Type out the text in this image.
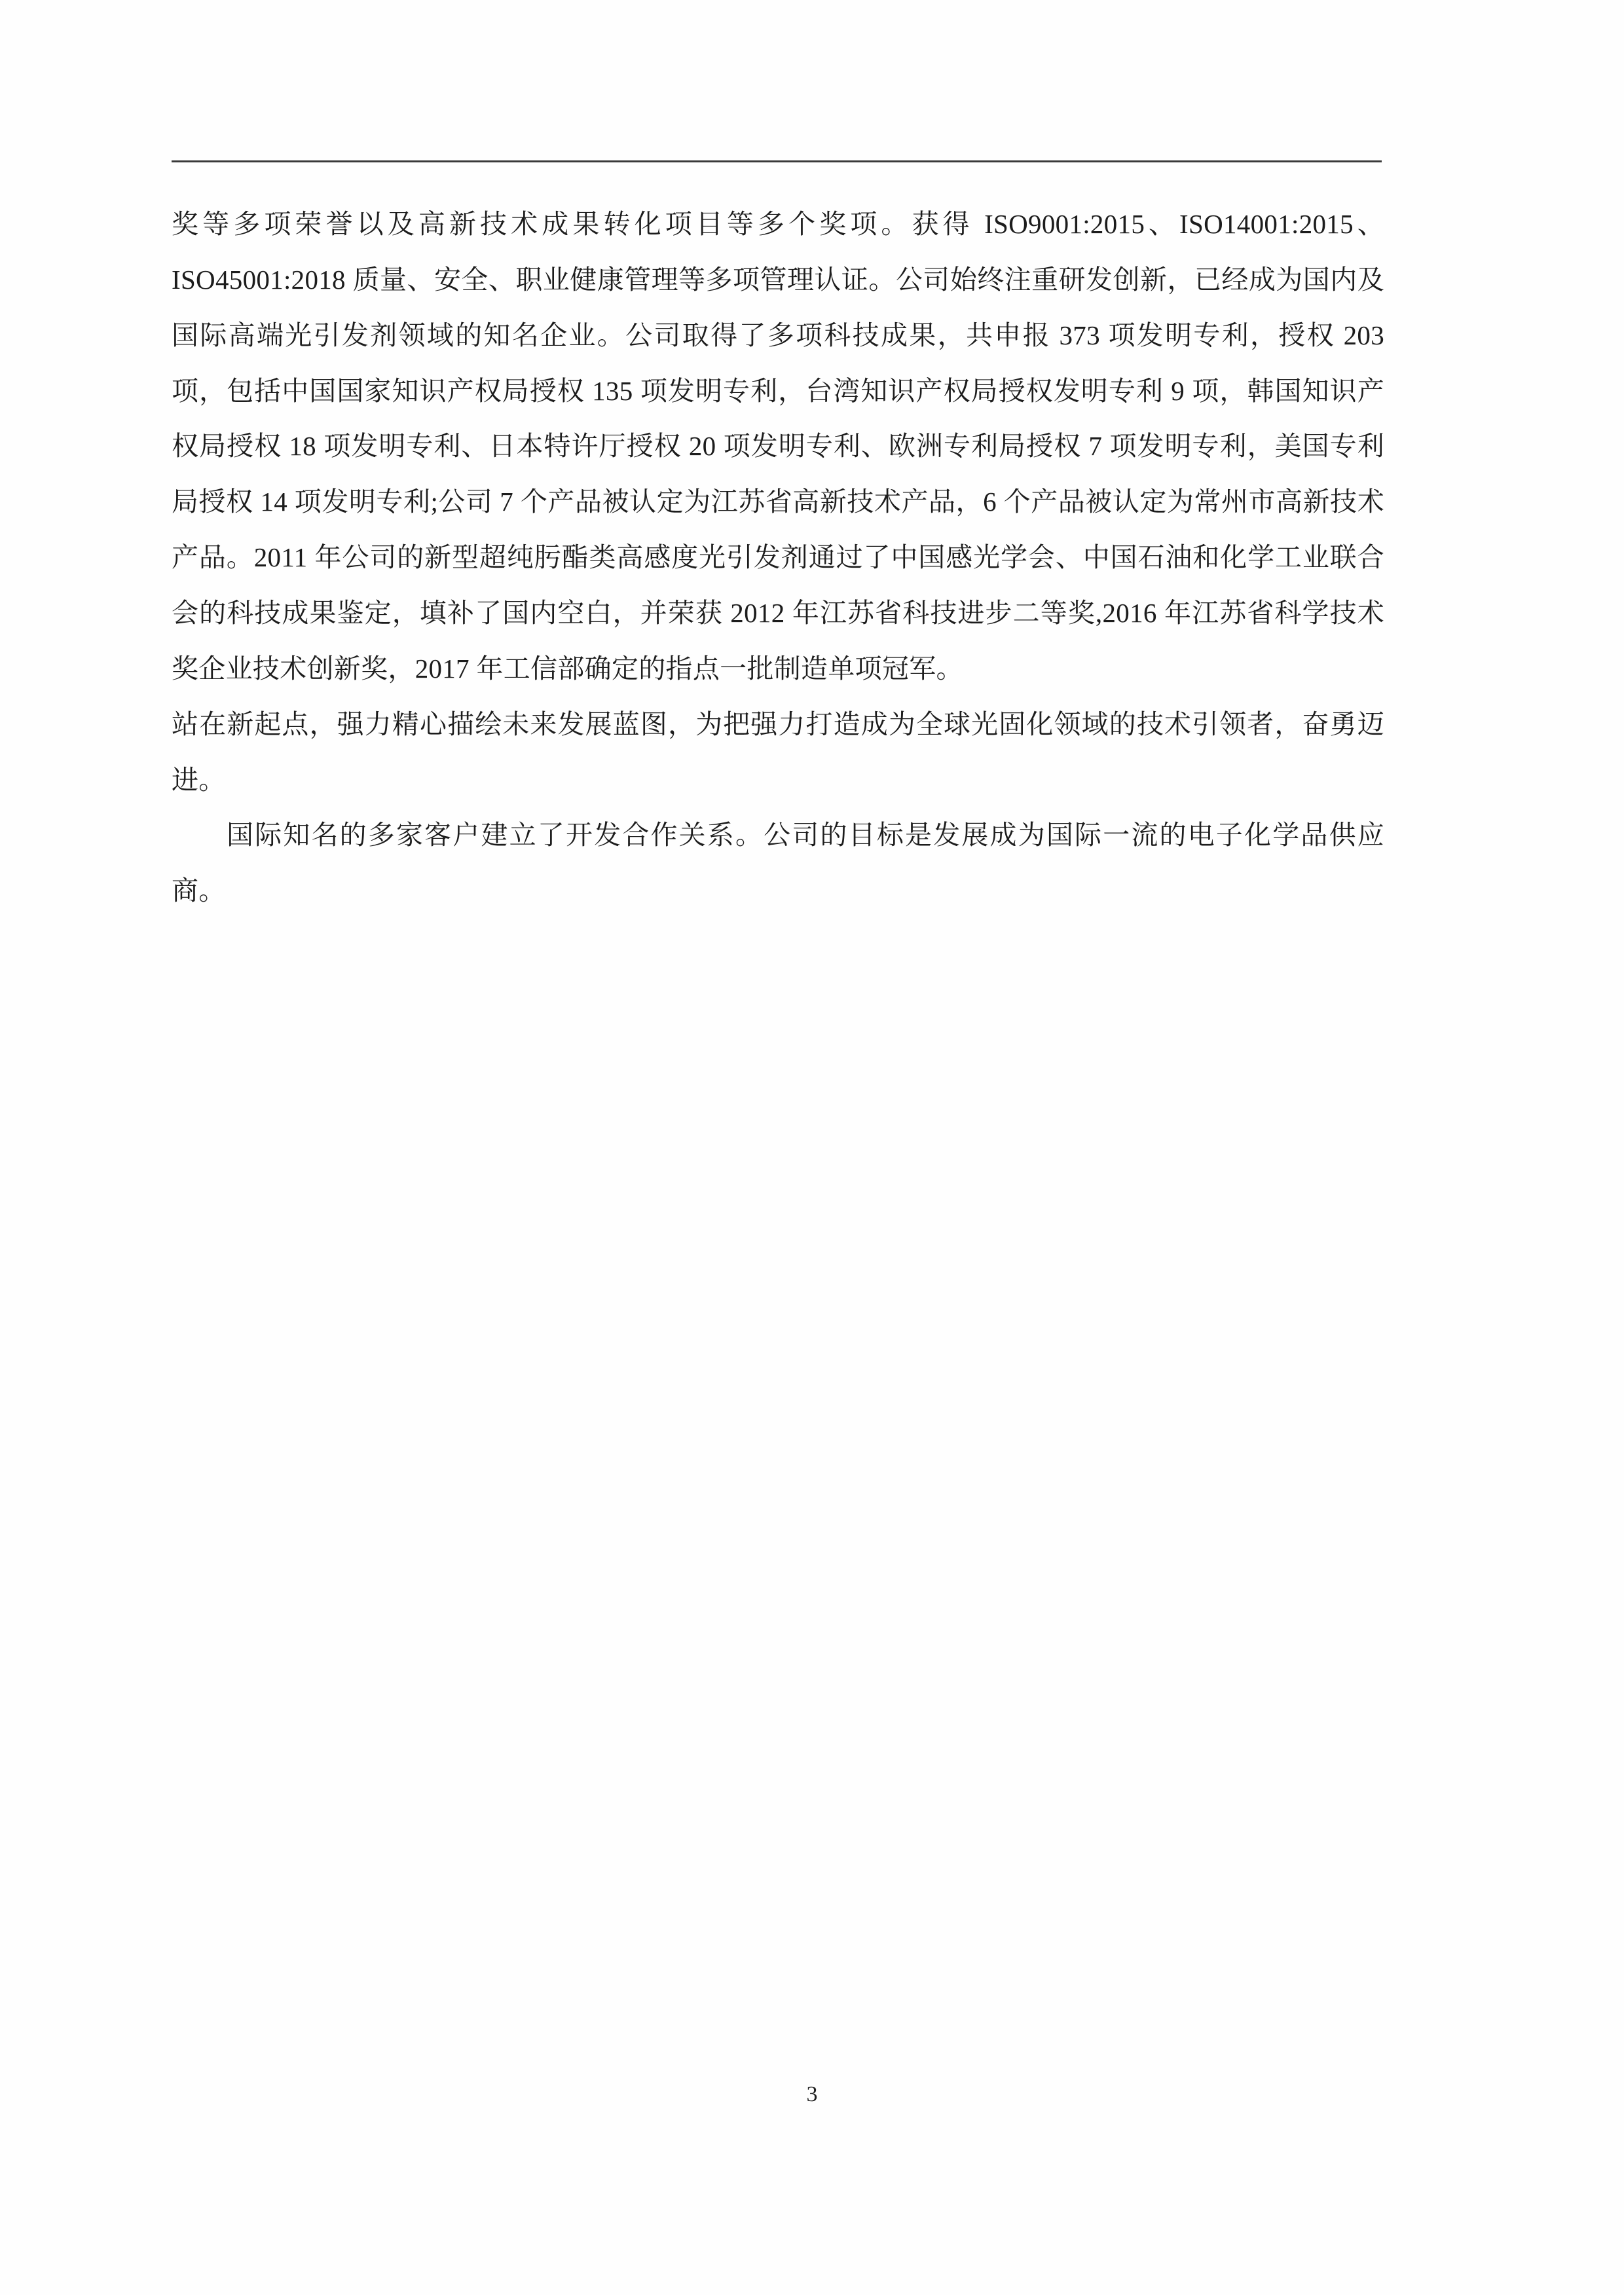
奖等多项荣誉以及高新技术成果转化项目等多个奖项。获得 ISO9001:2015、ISO14001:2015、ISO45001:2018 质量、安全、职业健康管理等多项管理认证。公司始终注重研发创新，已经成为国内及国际高端光引发剂领域的知名企业。公司取得了多项科技成果，共申报 373 项发明专利，授权 203 项，包括中国国家知识产权局授权 135 项发明专利，台湾知识产权局授权发明专利 9 项，韩国知识产权局授权 18 项发明专利、日本特许厅授权 20 项发明专利、欧洲专利局授权 7 项发明专利，美国专利局授权 14 项发明专利;公司 7 个产品被认定为江苏省高新技术产品，6 个产品被认定为常州市高新技术产品。2011 年公司的新型超纯肟酯类高感度光引发剂通过了中国感光学会、中国石油和化学工业联合会的科技成果鉴定，填补了国内空白，并荣获 2012 年江苏省科技进步二等奖,2016 年江苏省科学技术奖企业技术创新奖，2017 年工信部确定的指点一批制造单项冠军。

站在新起点，强力精心描绘未来发展蓝图，为把强力打造成为全球光固化领域的技术引领者，奋勇迈进。

国际知名的多家客户建立了开发合作关系。公司的目标是发展成为国际一流的电子化学品供应商。

3
